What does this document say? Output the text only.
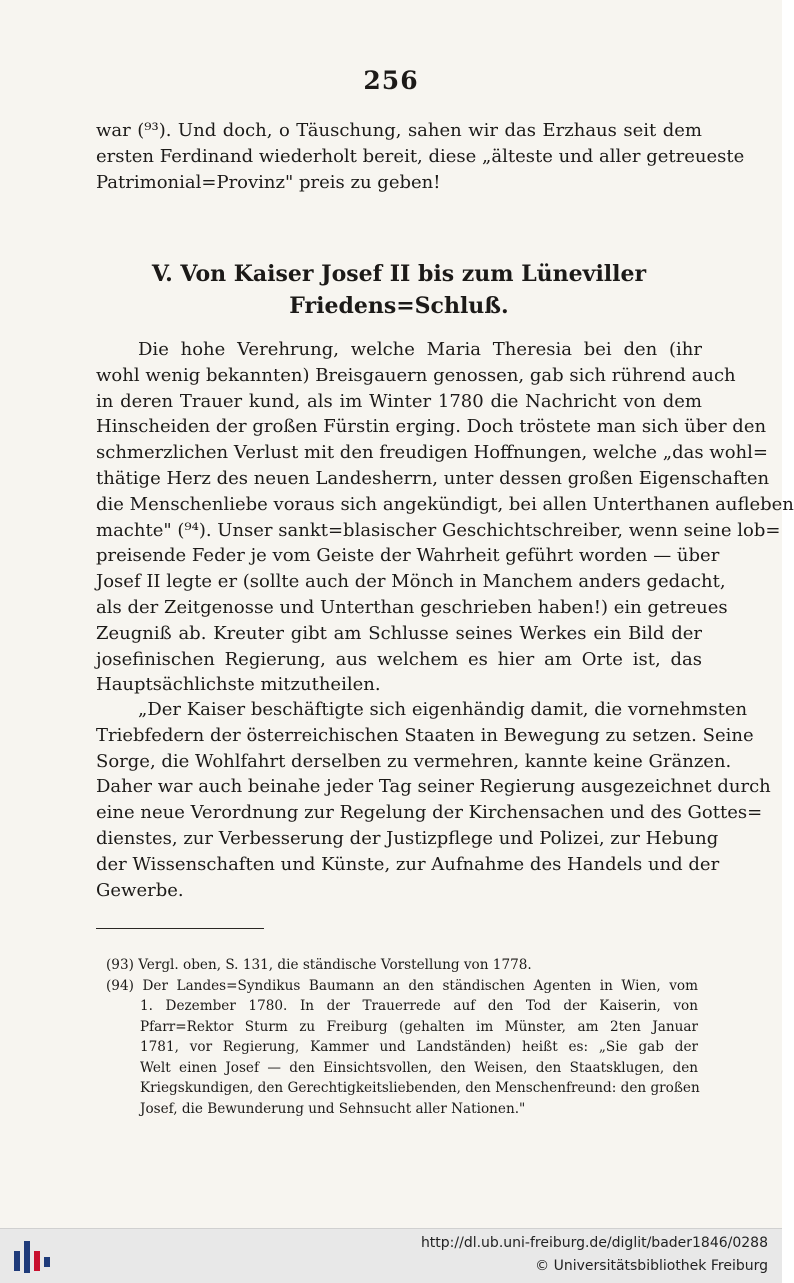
256
war (⁹³). Und doch, o Täuschung, sahen wir das Erzhaus seit dem
ersten Ferdinand wiederholt bereit, diese „älteste und aller getreueste
Patrimonial=Provinz" preis zu geben!
V. Von Kaiser Josef II bis zum Lüneviller
Friedens=Schluß.
Die hohe Verehrung, welche Maria Theresia bei den (ihr
wohl wenig bekannten) Breisgauern genossen, gab sich rührend auch
in deren Trauer kund, als im Winter 1780 die Nachricht von dem
Hinscheiden der großen Fürstin erging. Doch tröstete man sich über den
schmerzlichen Verlust mit den freudigen Hoffnungen, welche „das wohl=
thätige Herz des neuen Landesherrn, unter dessen großen Eigenschaften
die Menschenliebe voraus sich angekündigt, bei allen Unterthanen aufleben
machte" (⁹⁴). Unser sankt=blasischer Geschichtschreiber, wenn seine lob=
preisende Feder je vom Geiste der Wahrheit geführt worden — über
Josef II legte er (sollte auch der Mönch in Manchem anders gedacht,
als der Zeitgenosse und Unterthan geschrieben haben!) ein getreues
Zeugniß ab. Kreuter gibt am Schlusse seines Werkes ein Bild der
josefinischen Regierung, aus welchem es hier am Orte ist, das
Hauptsächlichste mitzutheilen.
„Der Kaiser beschäftigte sich eigenhändig damit, die vornehmsten
Triebfedern der österreichischen Staaten in Bewegung zu setzen. Seine
Sorge, die Wohlfahrt derselben zu vermehren, kannte keine Gränzen.
Daher war auch beinahe jeder Tag seiner Regierung ausgezeichnet durch
eine neue Verordnung zur Regelung der Kirchensachen und des Gottes=
dienstes, zur Verbesserung der Justizpflege und Polizei, zur Hebung
der Wissenschaften und Künste, zur Aufnahme des Handels und der
Gewerbe.
(93) Vergl. oben, S. 131, die ständische Vorstellung von 1778.
(94) Der Landes=Syndikus Baumann an den ständischen Agenten in Wien, vom
1. Dezember 1780. In der Trauerrede auf den Tod der Kaiserin, von
Pfarr=Rektor Sturm zu Freiburg (gehalten im Münster, am 2ten Januar
1781, vor Regierung, Kammer und Landständen) heißt es: „Sie gab der
Welt einen Josef — den Einsichtsvollen, den Weisen, den Staatsklugen, den
Kriegskundigen, den Gerechtigkeitsliebenden, den Menschenfreund: den großen
Josef, die Bewunderung und Sehnsucht aller Nationen."
http://dl.ub.uni-freiburg.de/diglit/bader1846/0288
© Universitätsbibliothek Freiburg
